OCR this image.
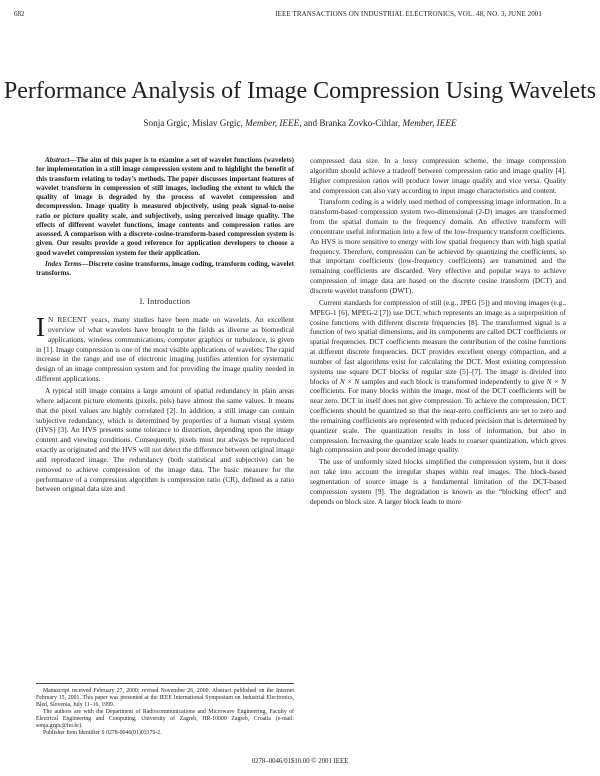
682	IEEE TRANSACTIONS ON INDUSTRIAL ELECTRONICS, VOL. 48, NO. 3, JUNE 2001
Performance Analysis of Image Compression Using Wavelets
Sonja Grgic, Mislav Grgic, Member, IEEE, and Branka Zovko-Cihlar, Member, IEEE

Abstract—The aim of this paper is to examine a set of wavelet functions (wavelets) for implementation in a still image compression system and to highlight the benefit of this transform relating to today’s methods. The paper discusses important features of wavelet transform in compression of still images, including the extent to which the quality of image is degraded by the process of wavelet compression and decompression. Image quality is measured objectively, using peak signal-to-noise ratio or picture quality scale, and subjectively, using perceived image quality. The effects of different wavelet functions, image contents and compression ratios are assessed. A comparison with a discrete-cosine-transform-based compression system is given. Our results provide a good reference for application developers to choose a good wavelet compression system for their application.

Index Terms—Discrete cosine transforms, image coding, transform coding, wavelet transforms.

I. Introduction

I N RECENT years, many studies have been made on wavelets. An excellent overview of what wavelets have brought to the fields as diverse as biomedical applications, wireless communications, computer graphics or turbulence, is given in [1]. Image compression is one of the most visible applications of wavelets. The rapid increase in the range and use of electronic imaging justifies attention for systematic design of an image compression system and for providing the image quality needed in different applications.

A typical still image contains a large amount of spatial redundancy in plain areas where adjacent picture elements (pixels, pels) have almost the same values. It means that the pixel values are highly correlated [2]. In addition, a still image can contain subjective redundancy, which is determined by properties of a human visual system (HVS) [3]. An HVS presents some tolerance to distortion, depending upon the image content and viewing conditions. Consequently, pixels must not always be reproduced exactly as originated and the HVS will not detect the difference between original image and reproduced image. The redundancy (both statistical and subjective) can be removed to achieve compression of the image data. The basic measure for the performance of a compression algorithm is compression ratio (CR), defined as a ratio between original data size and

Manuscript received February 27, 2000; revised November 26, 2000. Abstract published on the Internet February 15, 2001. This paper was presented at the IEEE International Symposium on Industrial Electronics, Bled, Slovenia, July 11–16, 1999.
The authors are with the Department of Radiocommunications and Microwave Engineering, Faculty of Electrical Engineering and Computing, University of Zagreb, HR-10000 Zagreb, Croatia (e-mail: sonja.grgic@fer.hr).
Publisher Item Identifier S 0278-0046(01)03379-2.

compressed data size. In a lossy compression scheme, the image compression algorithm should achieve a tradeoff between compression ratio and image quality [4]. Higher compression ratios will produce lower image quality and vice versa. Quality and compression can also vary according to input image characteristics and content.

Transform coding is a widely used method of compressing image information. In a transform-based compression system two-dimensional (2-D) images are transformed from the spatial domain to the frequency domain. An effective transform will concentrate useful information into a few of the low-frequency transform coefficients. An HVS is more sensitive to energy with low spatial frequency than with high spatial frequency. Therefore, compression can be achieved by quantizing the coefficients, so that important coefficients (low-frequency coefficients) are transmitted and the remaining coefficients are discarded. Very effective and popular ways to achieve compression of image data are based on the discrete cosine transform (DCT) and discrete wavelet transform (DWT).

Current standards for compression of still (e.g., JPEG [5]) and moving images (e.g., MPEG-1 [6], MPEG-2 [7]) use DCT, which represents an image as a superposition of cosine functions with different discrete frequencies [8]. The transformed signal is a function of two spatial dimensions, and its components are called DCT coefficients or spatial frequencies. DCT coefficients measure the contribution of the cosine functions at different discrete frequencies. DCT provides excellent energy compaction, and a number of fast algorithms exist for calculating the DCT. Most existing compression systems use square DCT blocks of regular size [5]–[7]. The image is divided into blocks of N × N samples and each block is transformed independently to give N × N coefficients. For many blocks within the image, most of the DCT coefficients will be near zero. DCT in itself does not give compression. To achieve the compression, DCT coefficients should be quantized so that the near-zero coefficients are set to zero and the remaining coefficients are represented with reduced precision that is determined by quantizer scale. The quantization results in loss of information, but also in compression. Increasing the quantizer scale leads to coarser quantization, which gives high compression and poor decoded image quality.

The use of uniformly sized blocks simplified the compression system, but it does not take into account the irregular shapes within real images. The block-based segmentation of source image is a fundamental limitation of the DCT-based compression system [9]. The degradation is known as the “blocking effect” and depends on block size. A larger block leads to more

0278–0046/01$10.00 © 2001 IEEE
